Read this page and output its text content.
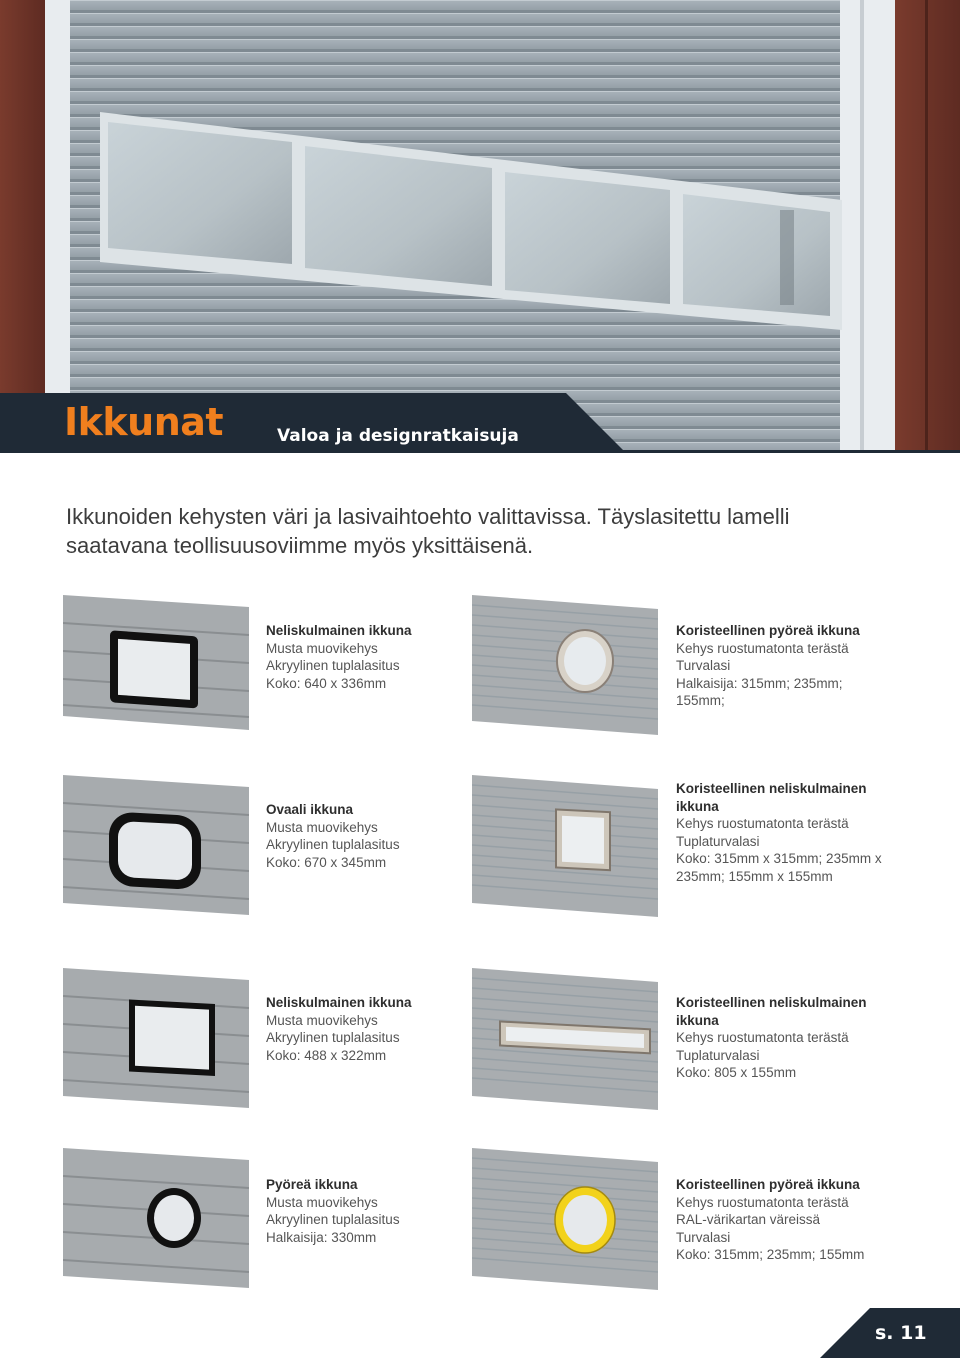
Ikkunat	Valoa ja designratkaisuja
Ikkunoiden kehysten väri ja lasivaihtoehto valittavissa. Täyslasitettu lamelli
saatavana teollisuusoviimme myös yksittäisenä.
Neliskulmainen ikkuna
Musta muovikehys
Akryylinen tuplalasitus
Koko: 640 x 336mm
Koristeellinen pyöreä ikkuna
Kehys ruostumatonta terästä
Turvalasi
Halkaisija: 315mm; 235mm;
155mm;
Ovaali ikkuna
Musta muovikehys
Akryylinen tuplalasitus
Koko: 670 x 345mm
Koristeellinen neliskulmainen
ikkuna
Kehys ruostumatonta terästä
Tuplaturvalasi
Koko: 315mm x 315mm; 235mm x
235mm; 155mm x 155mm
Neliskulmainen ikkuna
Musta muovikehys
Akryylinen tuplalasitus
Koko: 488 x 322mm
Koristeellinen neliskulmainen
ikkuna
Kehys ruostumatonta terästä
Tuplaturvalasi
Koko: 805 x 155mm
Pyöreä ikkuna
Musta muovikehys
Akryylinen tuplalasitus
Halkaisija: 330mm
Koristeellinen pyöreä ikkuna
Kehys ruostumatonta terästä
RAL-värikartan väreissä
Turvalasi
Koko: 315mm; 235mm; 155mm
s. 11
